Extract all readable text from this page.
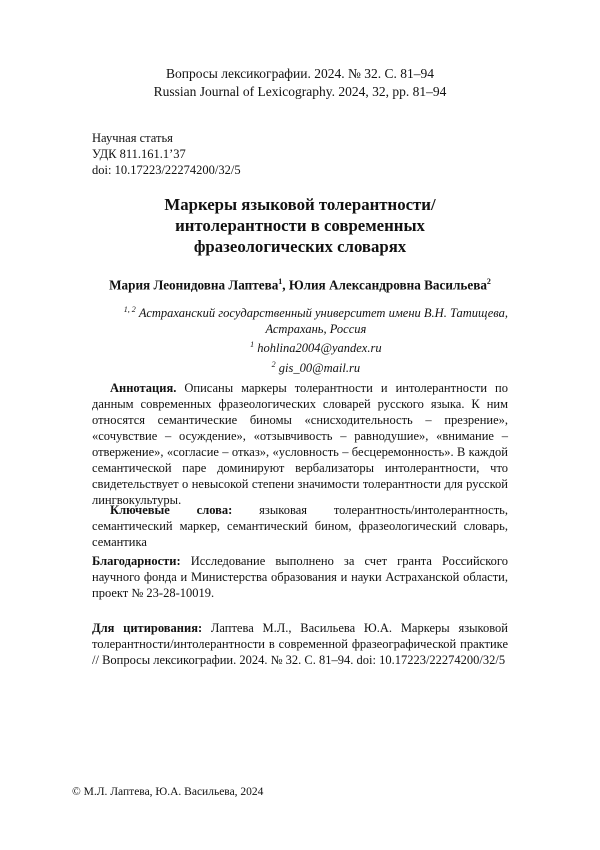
Вопросы лексикографии. 2024. № 32. С. 81–94
Russian Journal of Lexicography. 2024, 32, pp. 81–94
Научная статья
УДК 811.161.1’37
doi: 10.17223/22274200/32/5
Маркеры языковой толерантности/
интолерантности в современных
фразеологических словарях
Мария Леонидовна Лаптева$^1$, Юлия Александровна Васильева$^2$
$^{1, 2}$ Астраханский государственный университет имени В.Н. Татищева,
Астрахань, Россия
$^1$ hohlina2004@yandex.ru
$^2$ gis_00@mail.ru
Аннотация. Описаны маркеры толерантности и интолерантности по данным современных фразеологических словарей русского языка. К ним относятся семантические биномы «снисходительность – презрение», «сочувствие – осуждение», «отзывчивость – равнодушие», «внимание – отвержение», «согласие – отказ», «условность – бесцеремонность». В каждой семантической паре доминируют вербализаторы интолерантности, что свидетельствует о невысокой степени значимости толерантности для русской лингвокультуры.
Ключевые слова: языковая толерантность/интолерантность, семантический маркер, семантический бином, фразеологический словарь, семантика
Благодарности: Исследование выполнено за счет гранта Российского научного фонда и Министерства образования и науки Астраханской области, проект № 23-28-10019.
Для цитирования: Лаптева М.Л., Васильева Ю.А. Маркеры языковой толерантности/интолерантности в современной фразеографической практике // Вопросы лексикографии. 2024. № 32. С. 81–94. doi: 10.17223/22274200/32/5
© М.Л. Лаптева, Ю.А. Васильева, 2024
